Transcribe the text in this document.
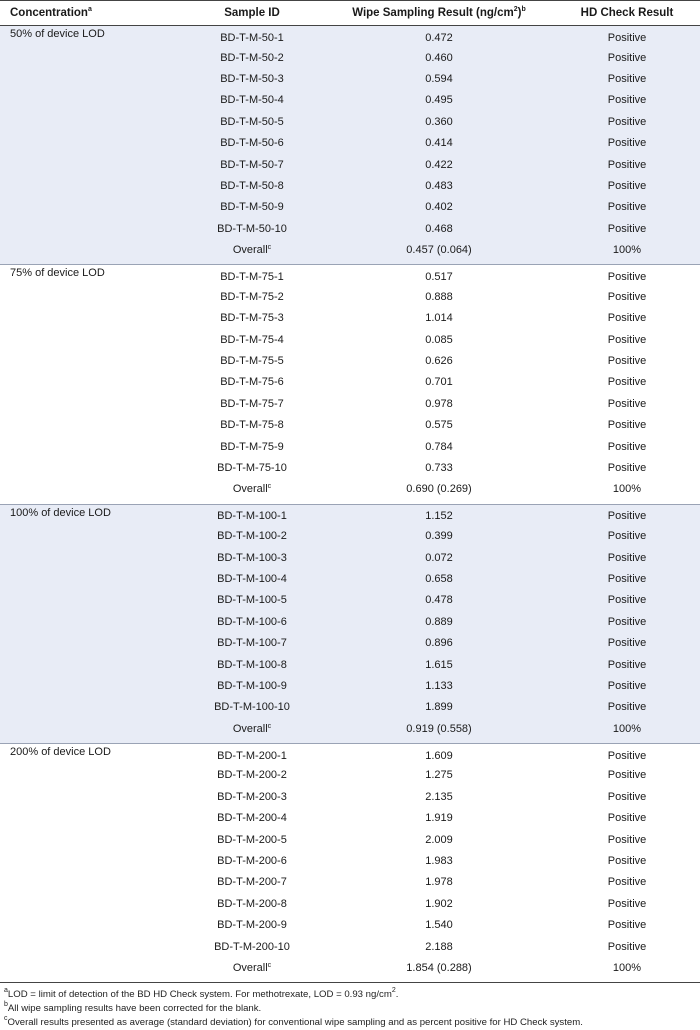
Concentration$^a$	Sample ID	Wipe Sampling Result $(ng/cm^2)^b$	HD Check Result
50% of device LOD	BD-T-M-50-1	0.472	Positive
	BD-T-M-50-2	0.460	Positive
	BD-T-M-50-3	0.594	Positive
	BD-T-M-50-4	0.495	Positive
	BD-T-M-50-5	0.360	Positive
	BD-T-M-50-6	0.414	Positive
	BD-T-M-50-7	0.422	Positive
	BD-T-M-50-8	0.483	Positive
	BD-T-M-50-9	0.402	Positive
	BD-T-M-50-10	0.468	Positive
	Overall$^c$	0.457 (0.064)	100%
75% of device LOD	BD-T-M-75-1	0.517	Positive
	BD-T-M-75-2	0.888	Positive
	BD-T-M-75-3	1.014	Positive
	BD-T-M-75-4	0.085	Positive
	BD-T-M-75-5	0.626	Positive
	BD-T-M-75-6	0.701	Positive
	BD-T-M-75-7	0.978	Positive
	BD-T-M-75-8	0.575	Positive
	BD-T-M-75-9	0.784	Positive
	BD-T-M-75-10	0.733	Positive
	Overall$^c$	0.690 (0.269)	100%
100% of device LOD	BD-T-M-100-1	1.152	Positive
	BD-T-M-100-2	0.399	Positive
	BD-T-M-100-3	0.072	Positive
	BD-T-M-100-4	0.658	Positive
	BD-T-M-100-5	0.478	Positive
	BD-T-M-100-6	0.889	Positive
	BD-T-M-100-7	0.896	Positive
	BD-T-M-100-8	1.615	Positive
	BD-T-M-100-9	1.133	Positive
	BD-T-M-100-10	1.899	Positive
	Overall$^c$	0.919 (0.558)	100%
200% of device LOD	BD-T-M-200-1	1.609	Positive
	BD-T-M-200-2	1.275	Positive
	BD-T-M-200-3	2.135	Positive
	BD-T-M-200-4	1.919	Positive
	BD-T-M-200-5	2.009	Positive
	BD-T-M-200-6	1.983	Positive
	BD-T-M-200-7	1.978	Positive
	BD-T-M-200-8	1.902	Positive
	BD-T-M-200-9	1.540	Positive
	BD-T-M-200-10	2.188	Positive
	Overall$^c$	1.854 (0.288)	100%
$^a$LOD = limit of detection of the BD HD Check system. For methotrexate, LOD = 0.93 $ng/cm^2$.
$^b$All wipe sampling results have been corrected for the blank.
$^c$Overall results presented as average (standard deviation) for conventional wipe sampling and as percent positive for HD Check system.
